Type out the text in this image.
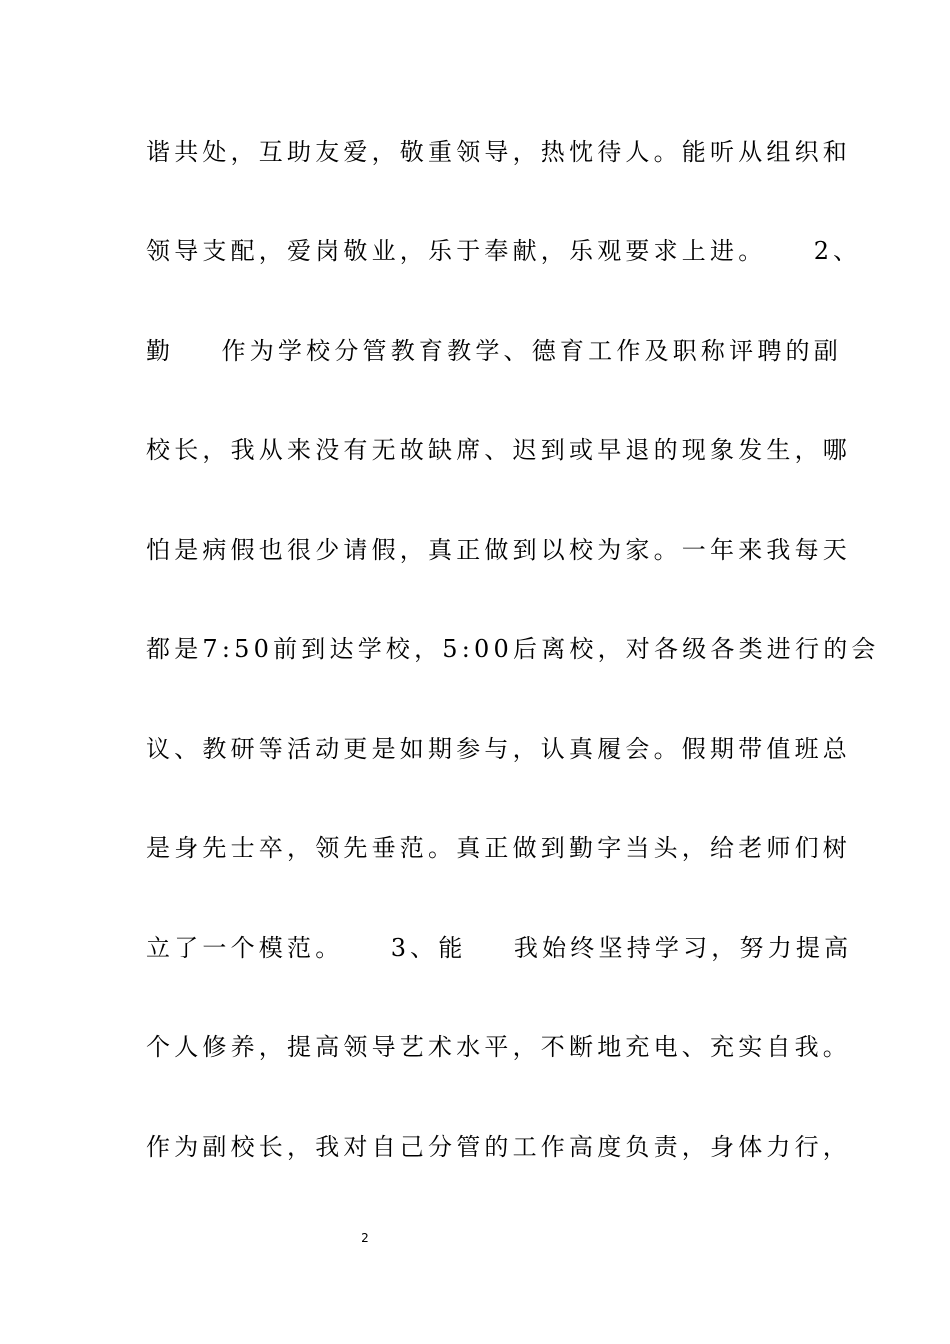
谐共处，互助友爱，敬重领导，热忱待人。能听从组织和
领导支配，爱岗敬业，乐于奉献，乐观要求上进。    2、
勤    作为学校分管教育教学、德育工作及职称评聘的副
校长，我从来没有无故缺席、迟到或早退的现象发生，哪
怕是病假也很少请假，真正做到以校为家。一年来我每天
都是7:50前到达学校，5:00后离校，对各级各类进行的会
议、教研等活动更是如期参与，认真履会。假期带值班总
是身先士卒，领先垂范。真正做到勤字当头，给老师们树
立了一个模范。    3、能    我始终坚持学习，努力提高
个人修养，提高领导艺术水平，不断地充电、充实自我。
作为副校长，我对自己分管的工作高度负责，身体力行，
2
